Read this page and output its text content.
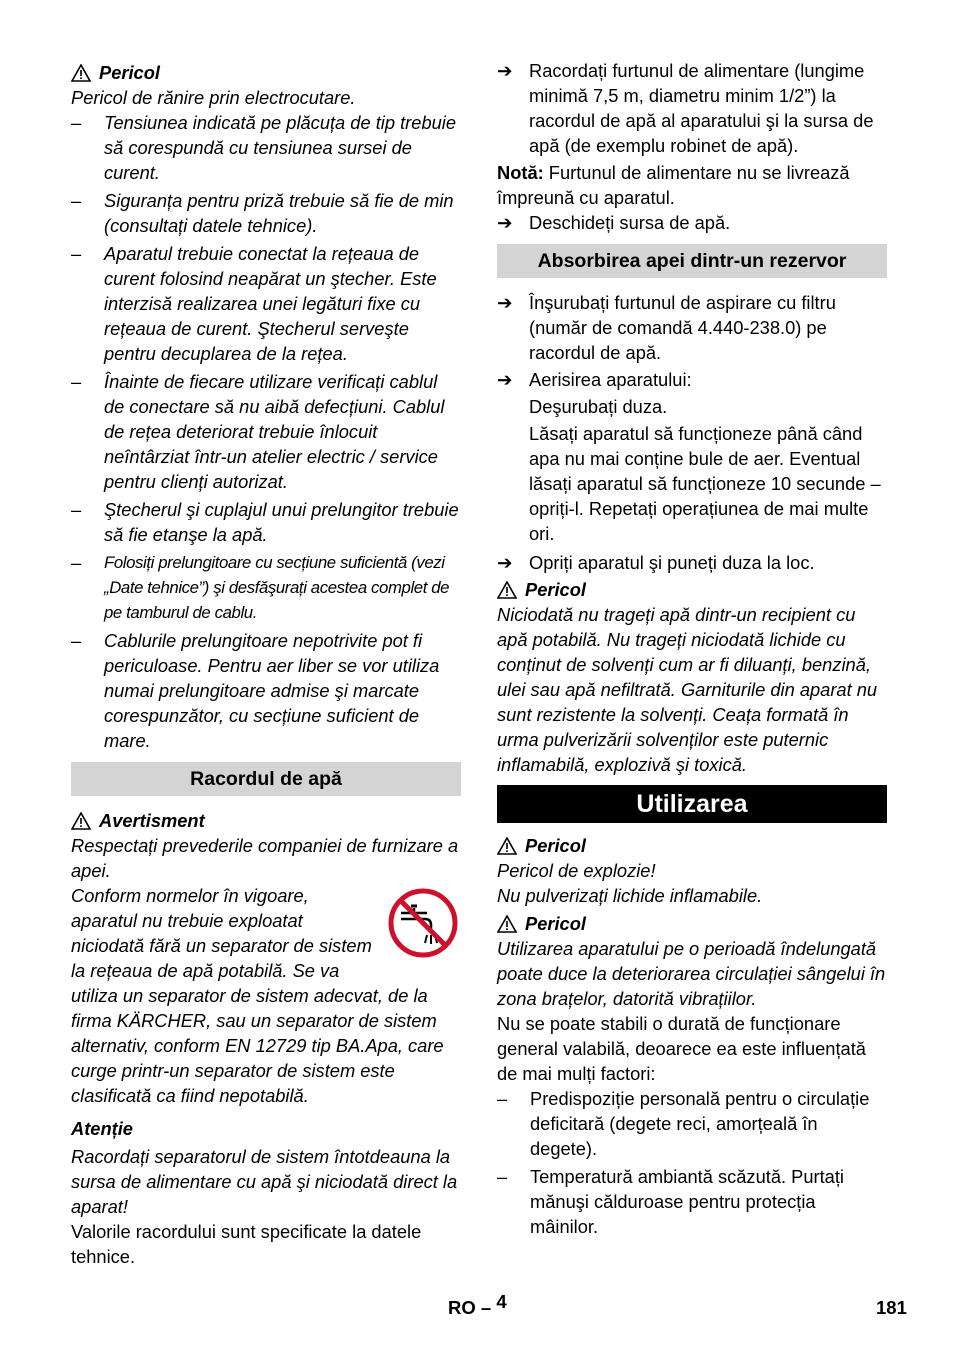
Pericol

Pericol de rănire prin electrocutare.

–	Tensiunea indicată pe plăcuța de tip trebuie să corespundă cu tensiunea sursei de curent.
–	Siguranța pentru priză trebuie să fie de min (consultați datele tehnice).
–	Aparatul trebuie conectat la rețeaua de curent folosind neapărat un ştecher. Este interzisă realizarea unei legături fixe cu rețeaua de curent. Ştecherul serveşte pentru decuplarea de la rețea.
–	Înainte de fiecare utilizare verificați cablul de conectare să nu aibă defecțiuni. Cablul de rețea deteriorat trebuie înlocuit neîntârziat într-un atelier electric / service pentru clienți autorizat.
–	Ştecherul şi cuplajul unui prelungitor trebuie să fie etanşe la apă.
–	Folosiți prelungitoare cu secțiune suficientă (vezi „Date tehnice”) şi desfăşurați acestea complet de pe tamburul de cablu.
–	Cablurile prelungitoare nepotrivite pot fi periculoase. Pentru aer liber se vor utiliza numai prelungitoare admise şi marcate corespunzător, cu secțiune suficient de mare.
Racordul de apă
Avertisment

Respectați prevederile companiei de furnizare a apei.

Conform normelor în vigoare, aparatul nu trebuie exploatat niciodată fără un separator de sistem la rețeaua de apă potabilă. Se va utiliza un separator de sistem adecvat, de la firma KÄRCHER, sau un separator de sistem alternativ, conform EN 12729 tip BA.Apa, care curge printr-un separator de sistem este clasificată ca fiind nepotabilă.
Atenție

Racordați separatorul de sistem întotdeauna la sursa de alimentare cu apă şi niciodată direct la aparat!

Valorile racordului sunt specificate la datele tehnice.

➔ Racordați furtunul de alimentare (lungime minimă 7,5 m, diametru minim 1/2”) la racordul de apă al aparatului şi la sursa de apă (de exemplu robinet de apă).

Notă: Furtunul de alimentare nu se livrează împreună cu aparatul.

➔ Deschideți sursa de apă.
Absorbirea apei dintr-un rezervor
➔ Înşurubați furtunul de aspirare cu filtru (număr de comandă 4.440-238.0) pe racordul de apă.
➔ Aerisirea aparatului:

Deşurubați duza.

Lăsați aparatul să funcționeze până când apa nu mai conține bule de aer. Eventual lăsați aparatul să funcționeze 10 secunde – opriți-l. Repetați operațiunea de mai multe ori.

➔ Opriți aparatul şi puneți duza la loc.
Pericol

Niciodată nu trageți apă dintr-un recipient cu apă potabilă. Nu trageți niciodată lichide cu conținut de solvenți cum ar fi diluanți, benzină, ulei sau apă nefiltrată. Garniturile din aparat nu sunt rezistente la solvenți. Ceața formată în urma pulverizării solvenților este puternic inflamabilă, explozivă şi toxică.

Utilizarea
Pericol

Pericol de explozie!

Nu pulverizați lichide inflamabile.

Pericol

Utilizarea aparatului pe o perioadă îndelungată poate duce la deteriorarea circulației sângelui în zona brațelor, datorită vibrațiilor.

Nu se poate stabili o durată de funcționare general valabilă, deoarece ea este influențată de mai mulți factori:

–	Predispoziție personală pentru o circulație deficitară (degete reci, amorțeală în degete).
–	Temperatură ambiantă scăzută. Purtați mănuşi călduroase pentru protecția mâinilor.
RO – 4	181
